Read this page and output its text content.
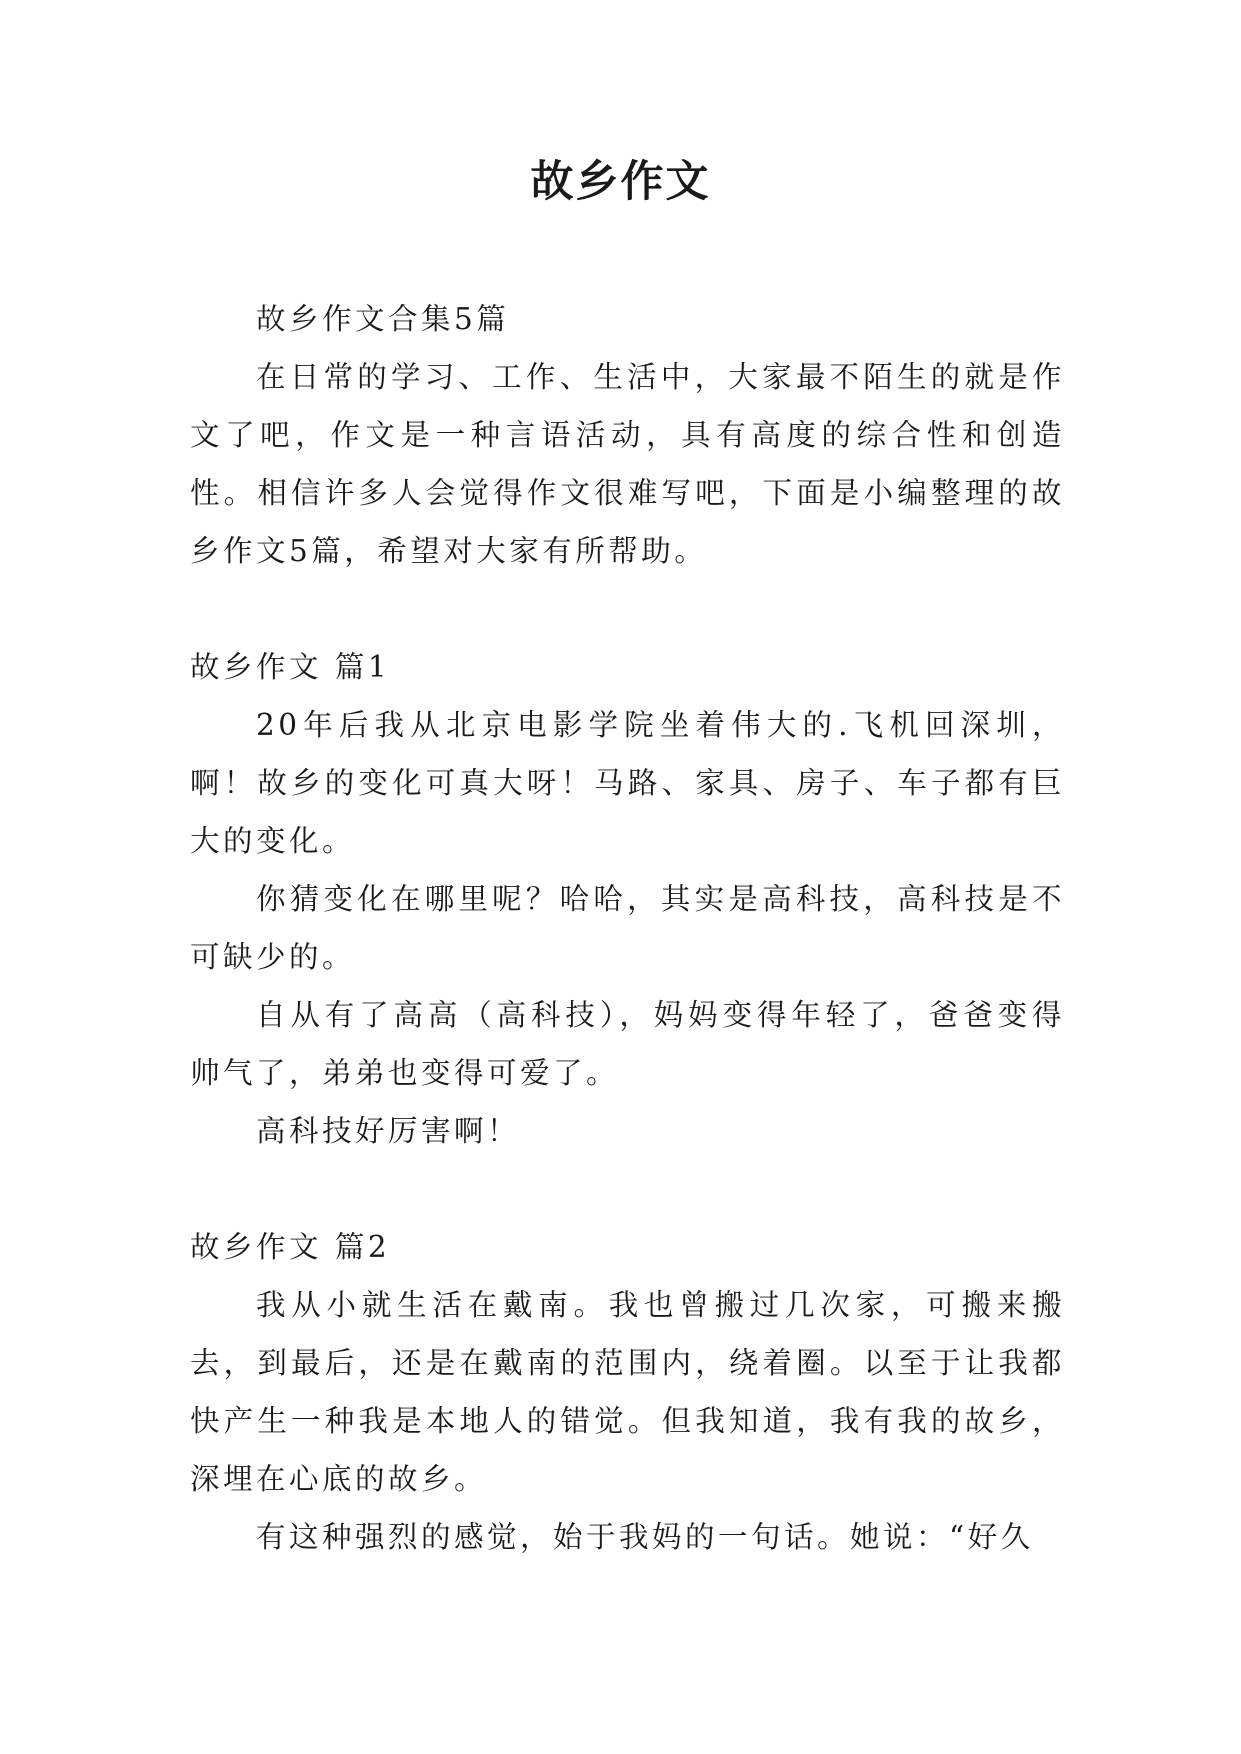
故乡作文

故乡作文合集5篇

在日常的学习、工作、生活中，大家最不陌生的就是作文了吧，作文是一种言语活动，具有高度的综合性和创造性。相信许多人会觉得作文很难写吧，下面是小编整理的故乡作文5篇，希望对大家有所帮助。

故乡作文 篇1

20年后我从北京电影学院坐着伟大的.飞机回深圳，啊！故乡的变化可真大呀！马路、家具、房子、车子都有巨大的变化。

你猜变化在哪里呢？哈哈，其实是高科技，高科技是不可缺少的。

自从有了高高（高科技），妈妈变得年轻了，爸爸变得帅气了，弟弟也变得可爱了。

高科技好厉害啊！

故乡作文 篇2

我从小就生活在戴南。我也曾搬过几次家，可搬来搬去，到最后，还是在戴南的范围内，绕着圈。以至于让我都快产生一种我是本地人的错觉。但我知道，我有我的故乡，深埋在心底的故乡。

有这种强烈的感觉，始于我妈的一句话。她说：“好久
